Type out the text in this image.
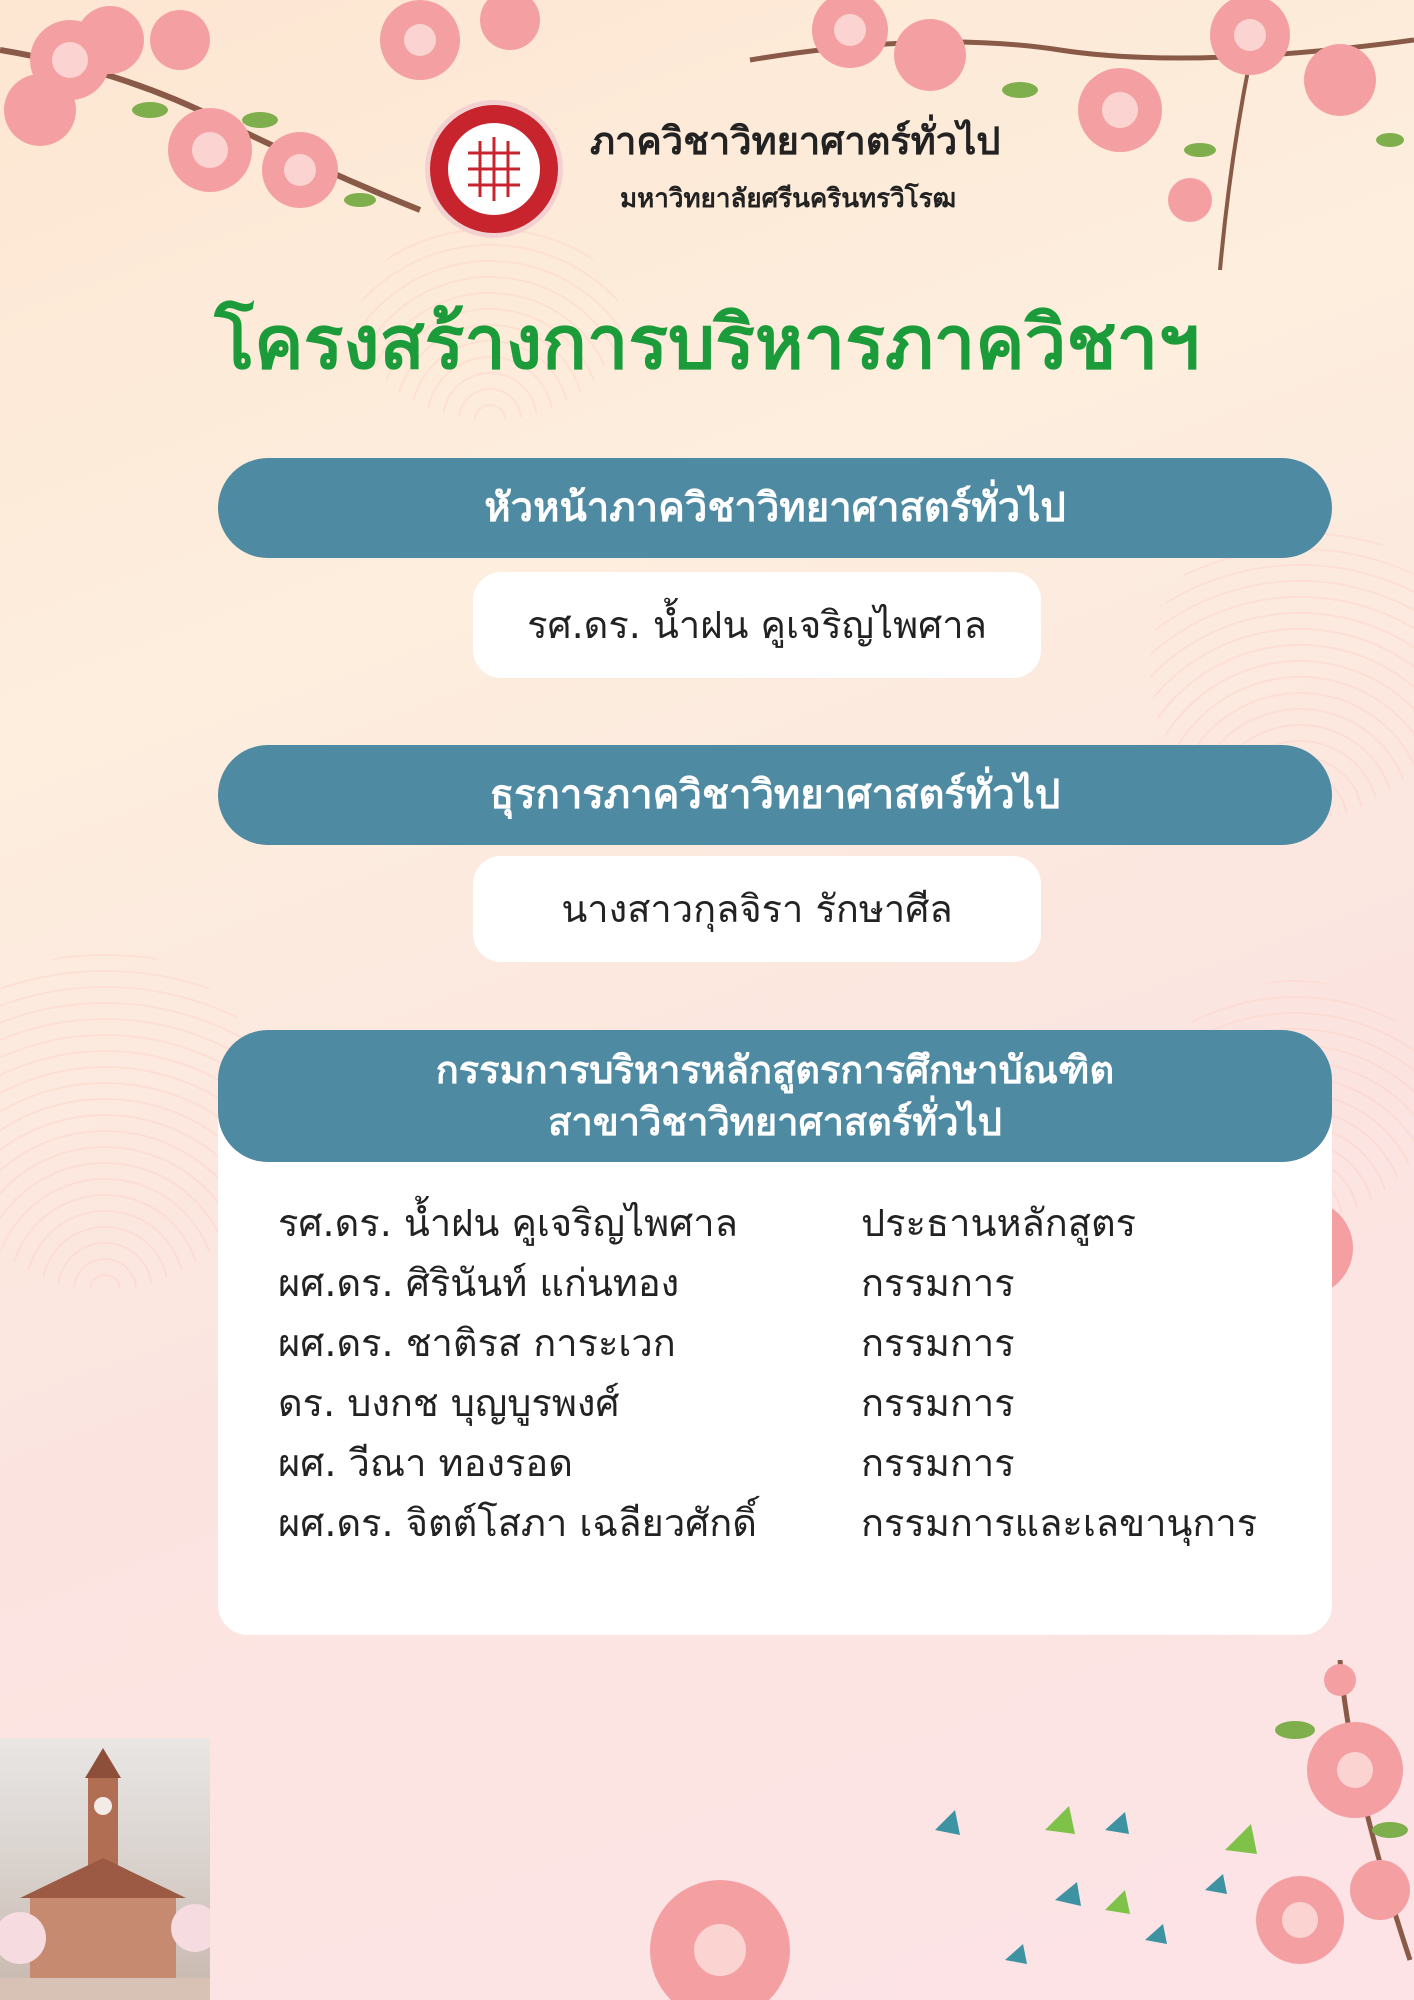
ภาควิชาวิทยาศาตร์ทั่วไป
มหาวิทยาลัยศรีนครินทรวิโรฒ
โครงสร้างการบริหารภาควิชาฯ
หัวหน้าภาควิชาวิทยาศาสตร์ทั่วไป
รศ.ดร. น้ำฝน คูเจริญไพศาล
ธุรการภาควิชาวิทยาศาสตร์ทั่วไป
นางสาวกุลจิรา รักษาศีล
กรรมการบริหารหลักสูตรการศึกษาบัณฑิต
สาขาวิชาวิทยาศาสตร์ทั่วไป
รศ.ดร. น้ำฝน คูเจริญไพศาล	ประธานหลักสูตร
ผศ.ดร. ศิรินันท์ แก่นทอง	กรรมการ
ผศ.ดร. ชาติรส การะเวก	กรรมการ
ดร. บงกช บุญบูรพงศ์	กรรมการ
ผศ. วีณา ทองรอด	กรรมการ
ผศ.ดร. จิตต์โสภา เฉลียวศักดิ์	กรรมการและเลขานุการ
